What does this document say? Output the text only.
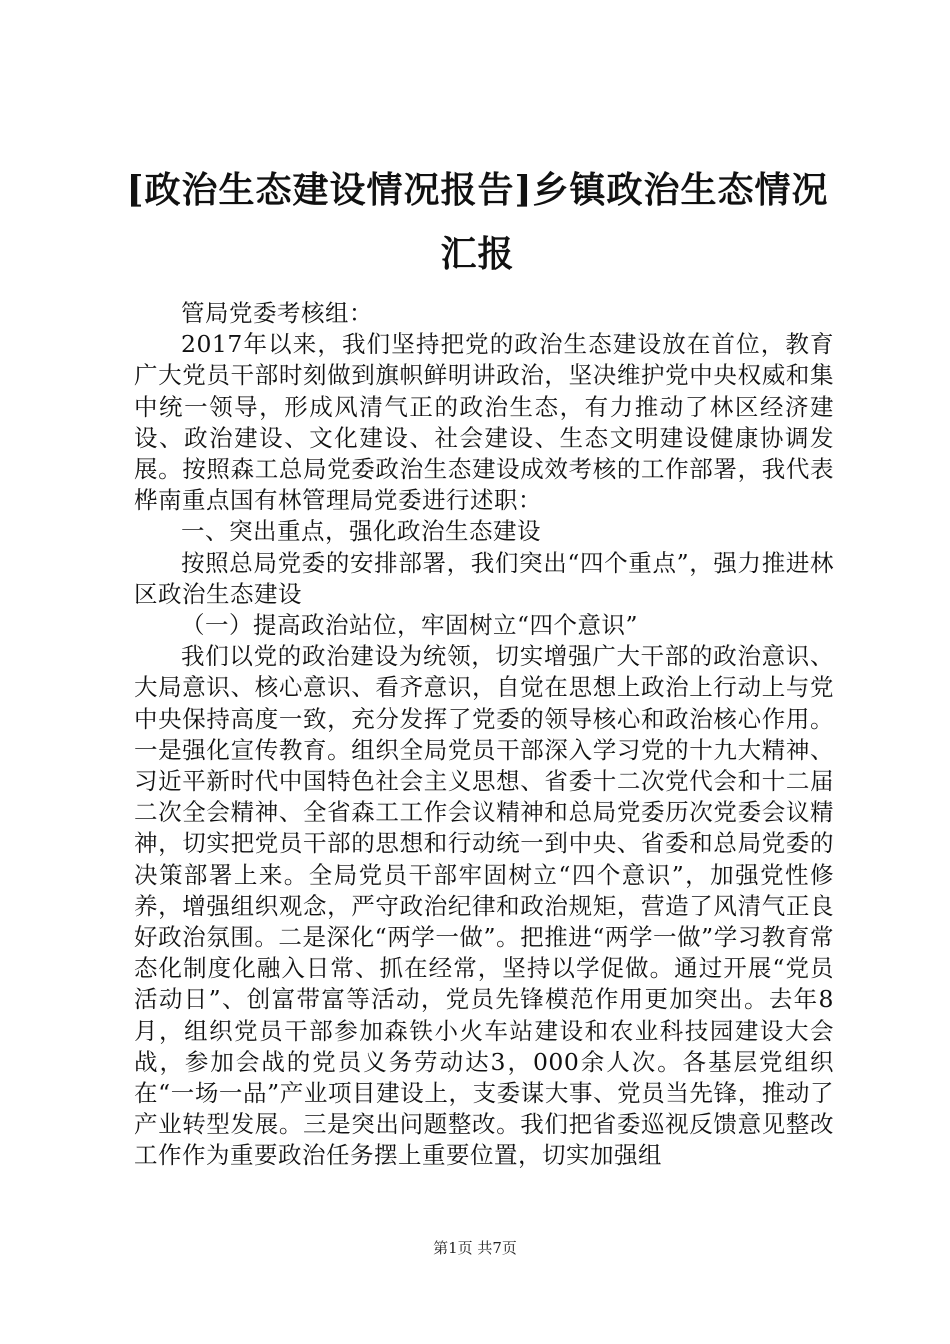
[政治生态建设情况报告]乡镇政治生态情况汇报

管局党委考核组：

2017年以来，我们坚持把党的政治生态建设放在首位，教育广大党员干部时刻做到旗帜鲜明讲政治，坚决维护党中央权威和集中统一领导，形成风清气正的政治生态，有力推动了林区经济建设、政治建设、文化建设、社会建设、生态文明建设健康协调发展。按照森工总局党委政治生态建设成效考核的工作部署，我代表桦南重点国有林管理局党委进行述职：

一、突出重点，强化政治生态建设

按照总局党委的安排部署，我们突出“四个重点”，强力推进林区政治生态建设

（一）提高政治站位，牢固树立“四个意识”

我们以党的政治建设为统领，切实增强广大干部的政治意识、大局意识、核心意识、看齐意识，自觉在思想上政治上行动上与党中央保持高度一致，充分发挥了党委的领导核心和政治核心作用。一是强化宣传教育。组织全局党员干部深入学习党的十九大精神、习近平新时代中国特色社会主义思想、省委十二次党代会和十二届二次全会精神、全省森工工作会议精神和总局党委历次党委会议精神，切实把党员干部的思想和行动统一到中央、省委和总局党委的决策部署上来。全局党员干部牢固树立“四个意识”，加强党性修养，增强组织观念，严守政治纪律和政治规矩，营造了风清气正良好政治氛围。二是深化“两学一做”。把推进“两学一做”学习教育常态化制度化融入日常、抓在经常，坚持以学促做。通过开展“党员活动日”、创富带富等活动，党员先锋模范作用更加突出。去年8月，组织党员干部参加森铁小火车站建设和农业科技园建设大会战，参加会战的党员义务劳动达3，000余人次。各基层党组织在“一场一品”产业项目建设上，支委谋大事、党员当先锋，推动了产业转型发展。三是突出问题整改。我们把省委巡视反馈意见整改工作作为重要政治任务摆上重要位置，切实加强组

第1页 共7页
